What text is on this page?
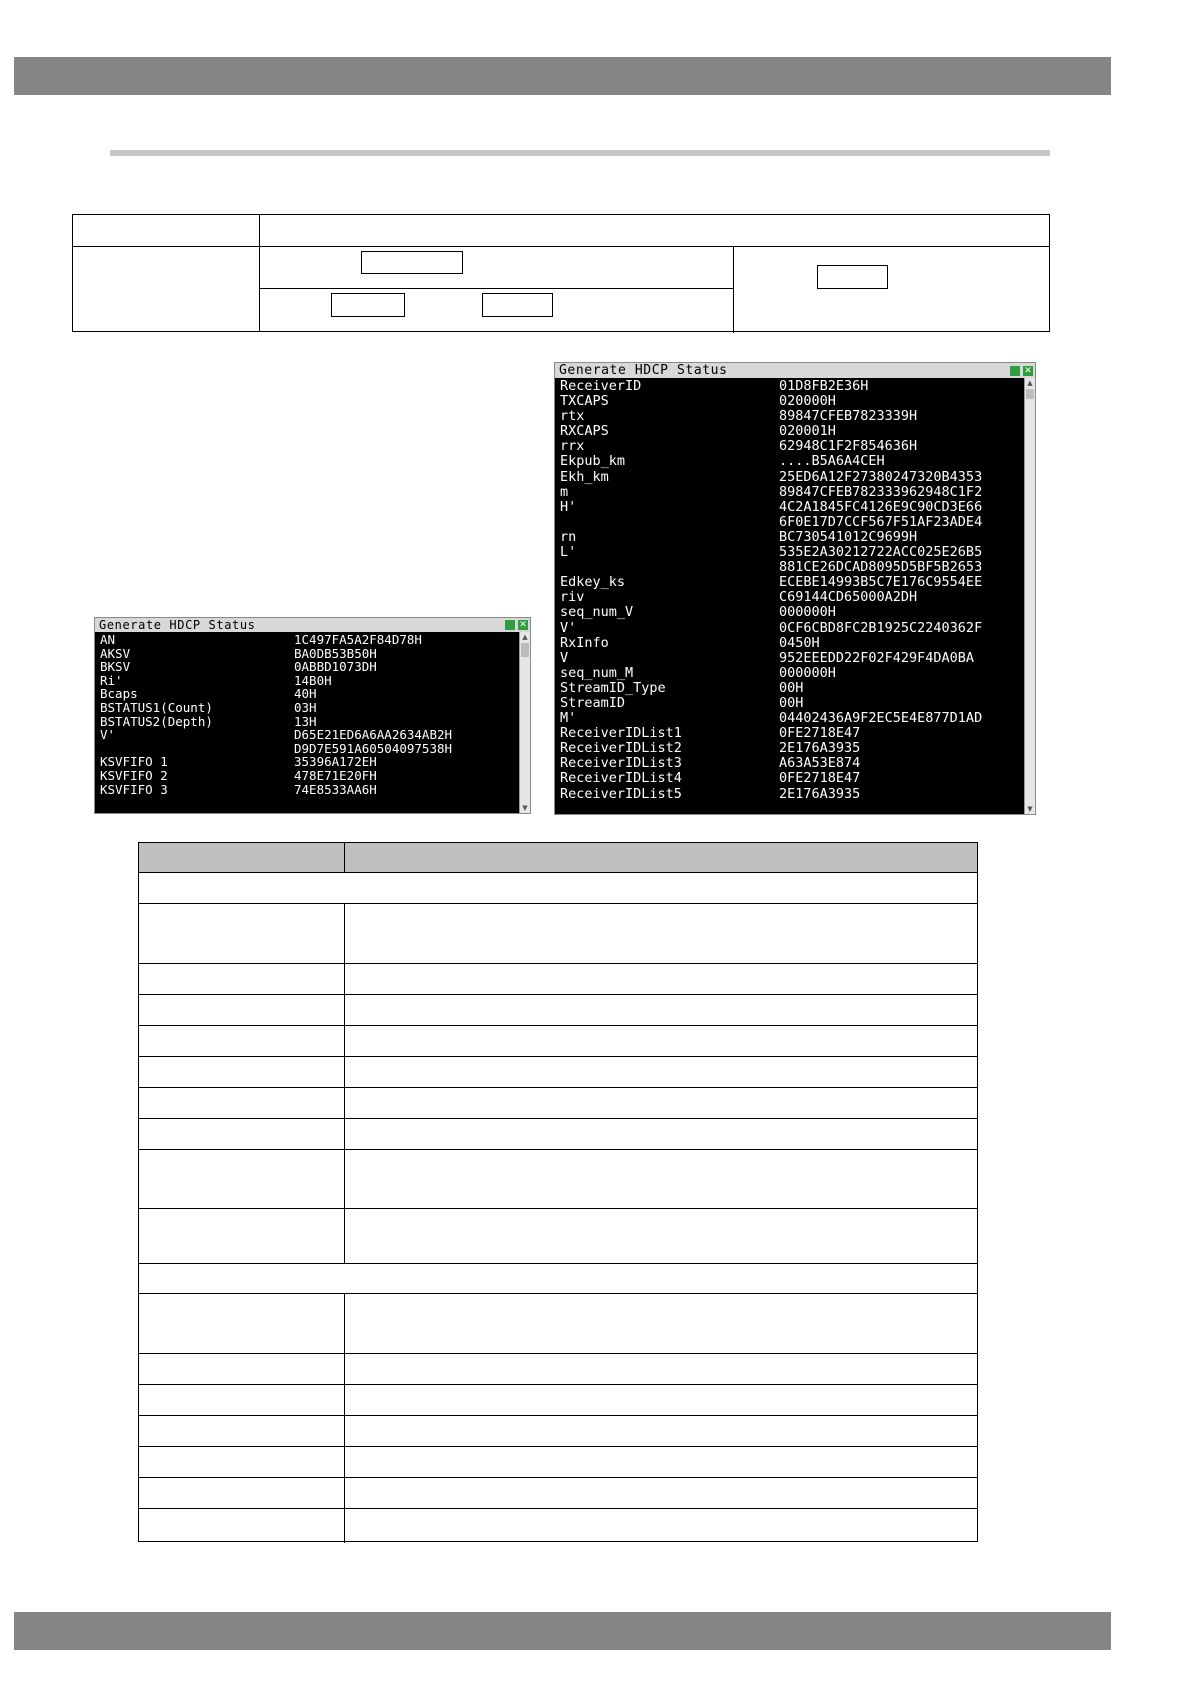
Generate HDCP Status	✕
▲
▼
AN	1C497FA5A2F84D78H
AKSV	BA0DB53B50H
BKSV	0ABBD1073DH
Ri'	14B0H
Bcaps	40H
BSTATUS1(Count)	03H
BSTATUS2(Depth)	13H
V'	D65E21ED6A6AA2634AB2H
D9D7E591A60504097538H
KSVFIFO 1	35396A172EH
KSVFIFO 2	478E71E20FH
KSVFIFO 3	74E8533AA6H
Generate HDCP Status	✕
▲
▼
ReceiverID	01D8FB2E36H
TXCAPS	020000H
rtx	89847CFEB7823339H
RXCAPS	020001H
rrx	62948C1F2F854636H
Ekpub_km	....B5A6A4CEH
Ekh_km	25ED6A12F27380247320B4353
m	89847CFEB782333962948C1F2
H'	4C2A1845FC4126E9C90CD3E66
6F0E17D7CCF567F51AF23ADE4
rn	BC730541012C9699H
L'	535E2A30212722ACC025E26B5
881CE26DCAD8095D5BF5B2653
Edkey_ks	ECEBE14993B5C7E176C9554EE
riv	C69144CD65000A2DH
seq_num_V	000000H
V'	0CF6CBD8FC2B1925C2240362F
RxInfo	0450H
V	952EEEDD22F02F429F4DA0BA
seq_num_M	000000H
StreamID_Type	00H
StreamID	00H
M'	04402436A9F2EC5E4E877D1AD
ReceiverIDList1	0FE2718E47
ReceiverIDList2	2E176A3935
ReceiverIDList3	A63A53E874
ReceiverIDList4	0FE2718E47
ReceiverIDList5	2E176A3935
